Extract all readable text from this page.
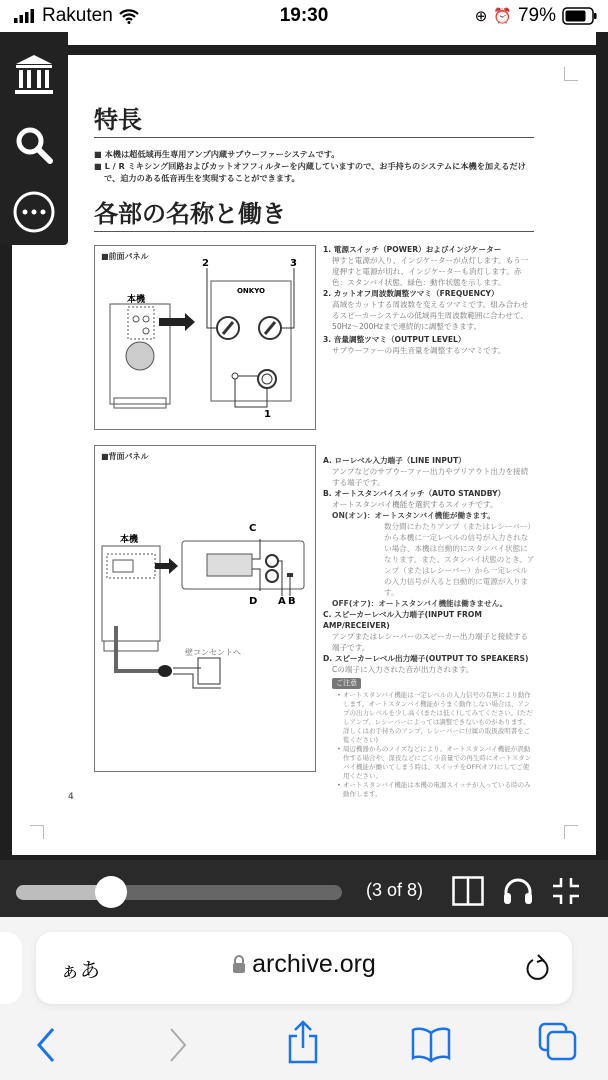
Rakuten	19:30	⊕ ⏰ 79%
特長

■ 本機は超低域再生専用アンプ内蔵サブウーファーシステムです。

■ L / R ミキシング回路およびカットオフフィルターを内蔵していますので、お手持ちのシステムに本機を加えるだけで、迫力のある低音再生を実現することができます。

各部の名称と働き
■前面パネル
本機
ONKYO
2	3
1
■背面パネル
本機
壁コンセントへ
C
D A B
1. 電源スイッチ（POWER）およびインジケーター
押すと電源が入り、インジケーターが点灯します。もう一度押すと電源が切れ、インジケーターも消灯します。赤色：スタンバイ状態、緑色：動作状態を示します。
2. カットオフ周波数調整ツマミ（FREQUENCY）
高域をカットする周波数を変えるツマミです。組み合わせるスピーカーシステムの低域再生周波数範囲に合わせて、50Hz～200Hzまで連続的に調整できます。
3. 音量調整ツマミ（OUTPUT LEVEL）
サブウーファーの再生音量を調整するツマミです。
A. ローレベル入力端子（LINE INPUT）
アンプなどのサブウーファー出力やプリアウト出力を接続する端子です。
B. オートスタンバイスイッチ（AUTO STANDBY）
オートスタンバイ機能を選択するスイッチです。
ON(オン)：オートスタンバイ機能が働きます。
数分間にわたりアンプ（またはレシーバー）から本機に一定レベルの信号が入力されない場合、本機は自動的にスタンバイ状態になります。また、スタンバイ状態のとき、アンプ（またはレシーバー）から一定レベルの入力信号が入ると自動的に電源が入ります。
OFF(オフ)：オートスタンバイ機能は働きません。
C. スピーカーレベル入力端子(INPUT FROM AMP/RECEIVER)
アンプまたはレシーバーのスピーカー出力端子と接続する端子です。
D. スピーカーレベル出力端子(OUTPUT TO SPEAKERS)
Cの端子に入力された音が出力されます。
ご注意
• オートスタンバイ機能は一定レベルの入力信号の有無により動作します。オートスタンバイ機能がうまく動作しない場合は、アンプの出力レベルを少し高く(または低く)してみてください。(ただしアンプ、レシーバーによっては調整できないものがあります。詳しくはお手持ちのアンプ、レシーバーに付属の取扱説明書をご覧ください)
• 周辺機器からのノイズなどにより、オートスタンバイ機能が誤動作する場合や、深夜などにごく小音量での再生時にオートスタンバイ機能が働いてしまう時は、スイッチをOFF(オフ)にしてご使用ください。
• オートスタンバイ機能は本機の電源スイッチが入っている時のみ動作します。
4
(3 of 8)
ぁあ	archive.org
